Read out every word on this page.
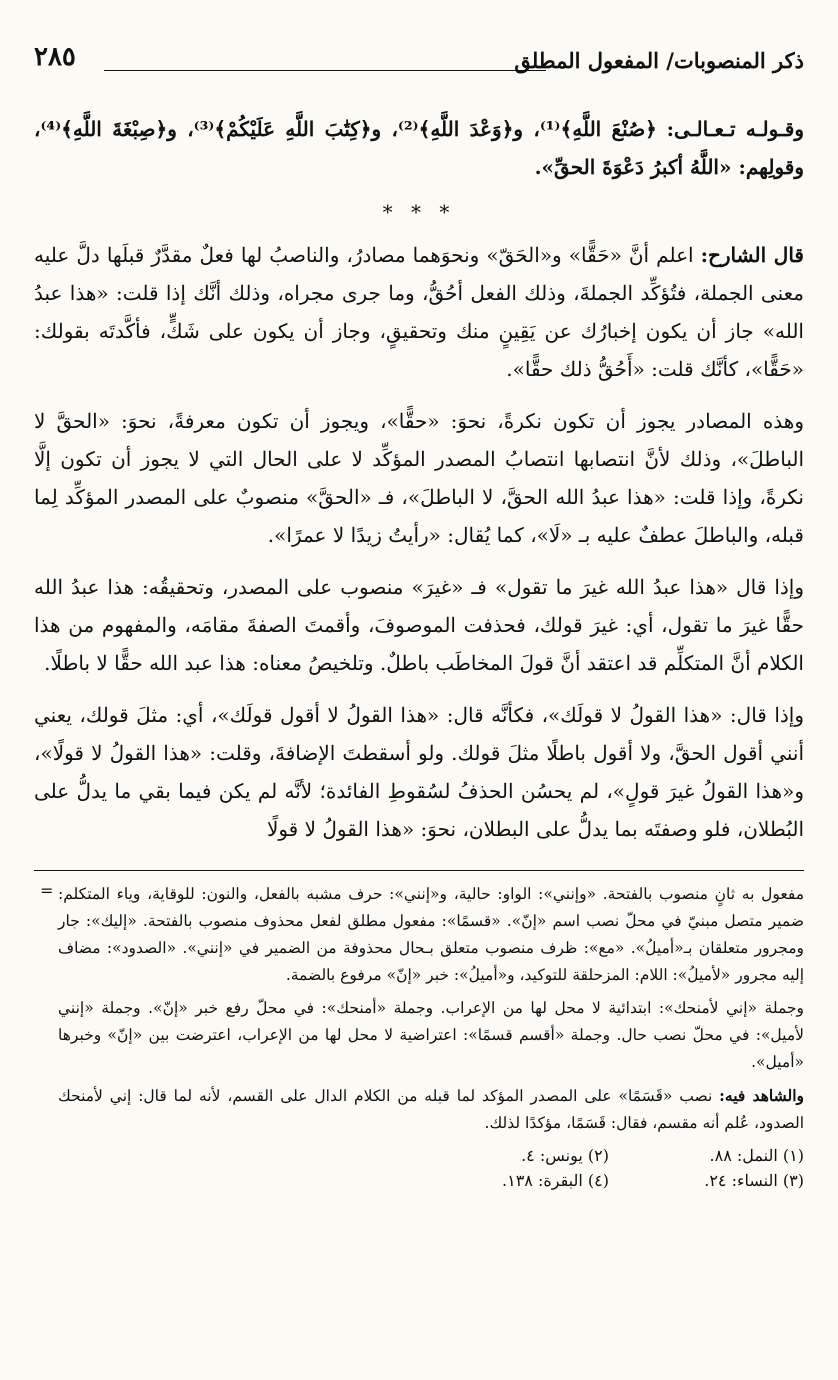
ذكر المنصوبات/ المفعول المطلق
٢٨٥

وقـولـه تـعـالـى: ﴿صُنْعَ اللَّهِ﴾⁽¹⁾، و﴿وَعْدَ اللَّهِ﴾⁽²⁾، و﴿كِتَٰبَ اللَّهِ عَلَيْكُمْ﴾⁽³⁾، و﴿صِبْغَةَ اللَّهِ﴾⁽⁴⁾، وقولِهم: «اللَّهُ أكبرُ دَعْوَةَ الحقِّ».

* * *

قال الشارح: اعلم أنَّ «حَقًّا» و«الحَقّ» ونحوَهما مصادرُ، والناصبُ لها فعلٌ مقدَّرٌ قبلَها دلَّ عليه معنى الجملة، فتُؤكِّد الجملةَ، وذلك الفعل أحُقُّ، وما جرى مجراه، وذلك أنَّك إذا قلت: «هذا عبدُ الله» جاز أن يكون إخبارُك عن يَقِينٍ منك وتحقيقٍ، وجاز أن يكون على شَكٍّ، فأكَّدتَه بقولك: «حَقًّا»، كأنَّك قلت: «أَحُقُّ ذلك حقًّا».

وهذه المصادر يجوز أن تكون نكرةً، نحوَ: «حقًّا»، ويجوز أن تكون معرفةً، نحوَ: «الحقَّ لا الباطلَ»، وذلك لأنَّ انتصابها انتصابُ المصدر المؤكِّد لا على الحال التي لا يجوز أن تكون إلَّا نكرةً، وإذا قلت: «هذا عبدُ الله الحقَّ، لا الباطلَ»، فـ «الحقَّ» منصوبٌ على المصدر المؤكِّد لِما قبله، والباطلَ عطفٌ عليه بـ «لَا»، كما يُقال: «رأيتُ زيدًا لا عمرًا».

وإذا قال «هذا عبدُ الله غيرَ ما تقول» فـ «غيرَ» منصوب على المصدر، وتحقيقُه: هذا عبدُ الله حقًّا غيرَ ما تقول، أي: غيرَ قولك، فحذفت الموصوفَ، وأقمتَ الصفةَ مقامَه، والمفهوم من هذا الكلام أنَّ المتكلِّم قد اعتقد أنَّ قولَ المخاطَب باطلٌ. وتلخيصُ معناه: هذا عبد الله حقًّا لا باطلًا.

وإذا قال: «هذا القولُ لا قولَك»، فكأنَّه قال: «هذا القولُ لا أقول قولَك»، أي: مثلَ قولك، يعني أنني أقول الحقَّ، ولا أقول باطلًا مثلَ قولك. ولو أسقطتَ الإضافةَ، وقلت: «هذا القولُ لا قولًا»، و«هذا القولُ غيرَ قولٍ»، لم يحسُن الحذفُ لسُقوطِ الفائدة؛ لأنَّه لم يكن فيما بقي ما يدلُّ على البُطلان، فلو وصفتَه بما يدلُّ على البطلان، نحوَ: «هذا القولُ لا قولًا

= مفعول به ثانٍ منصوب بالفتحة. «وإنني»: الواو: حالية، و«إنني»: حرف مشبه بالفعل، والنون: للوقاية، وياء المتكلم: ضمير متصل مبنيّ في محلّ نصب اسم «إنّ». «قسمًا»: مفعول مطلق لفعل محذوف منصوب بالفتحة. «إليك»: جار ومجرور متعلقان بـ«أميلُ». «مع»: ظرف منصوب متعلق بـحال محذوفة من الضمير في «إنني». «الصدود»: مضاف إليه مجرور «لأميلُ»: اللام: المزحلقة للتوكيد، و«أميلُ»: خبر «إنّ» مرفوع بالضمة.

وجملة «إني لأمنحك»: ابتدائية لا محل لها من الإعراب. وجملة «أمنحك»: في محلّ رفع خبر «إنّ». وجملة «إنني لأميل»: في محلّ نصب حال. وجملة «أقسم قسمًا»: اعتراضية لا محل لها من الإعراب، اعترضت بين «إنّ» وخبرها «أميل».

والشاهد فيه: نصب «قَسَمًا» على المصدر المؤكد لما قبله من الكلام الدال على القسم، لأنه لما قال: إني لأمنحك الصدود، عُلم أنه مقسم، فقال: قَسَمًا، مؤكدًا لذلك.

(١) النمل: ٨٨.
(٢) يونس: ٤.
(٣) النساء: ٢٤.
(٤) البقرة: ١٣٨.
